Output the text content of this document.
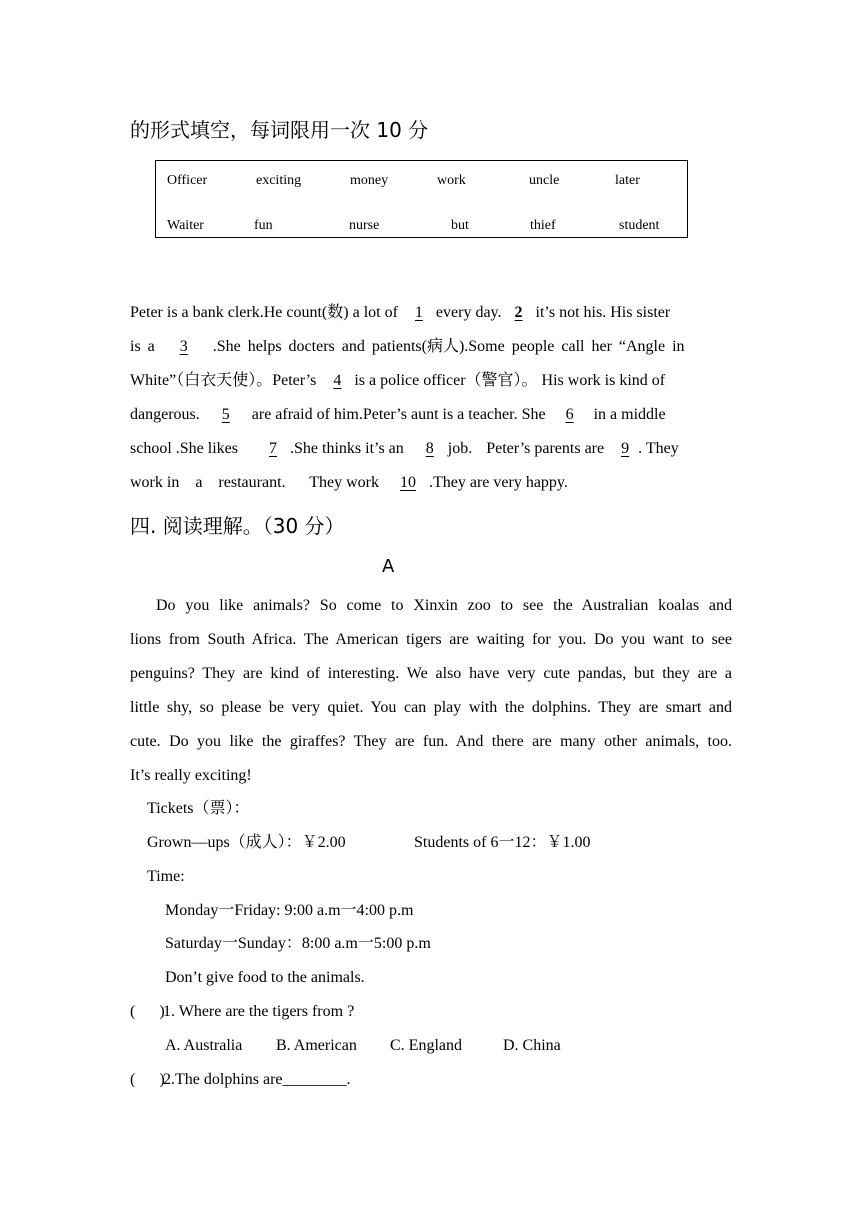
的形式填空，每词限用一次 10 分
Officer	exciting	money	work	uncle	later
Waiter	fun	nurse	but	thief	student
Peter is a bank clerk.He count(数) a lot of 1 every day. 2 it’s not his. His sister
is a 3 .She helps docters and patients(病人).Some people call her “Angle in
White”（白衣天使）。Peter’s 4 is a police officer（警官）。 His work is kind of
dangerous. 5 are afraid of him.Peter’s aunt is a teacher. She 6 in a middle
school .She likes 7 .She thinks it’s an 8 job. Peter’s parents are 9 . They
work in    a    restaurant.      They work 10 .They are very happy.
四. 阅读理解。（30 分）
A
Do you like animals? So come to Xinxin zoo to see the Australian koalas and
lions from South Africa. The American tigers are waiting for you. Do you want to see
penguins? They are kind of interesting. We also have very cute pandas, but they are a
little shy, so please be very quiet. You can play with the dolphins. They are smart and
cute. Do you like the giraffes? They are fun. And there are many other animals, too.
It’s really exciting!
Tickets（票）：
Grown—ups（成人）：￥2.00	Students of 6一12：￥1.00
Time:
Monday一Friday: 9:00 a.m一4:00 p.m
Saturday一Sunday：8:00 a.m一5:00 p.m
Don’t give food to the animals.
(      )
1. Where are the tigers from ?
A. Australia	B. American	C. England	D. China
(      )
2.The dolphins are________.
